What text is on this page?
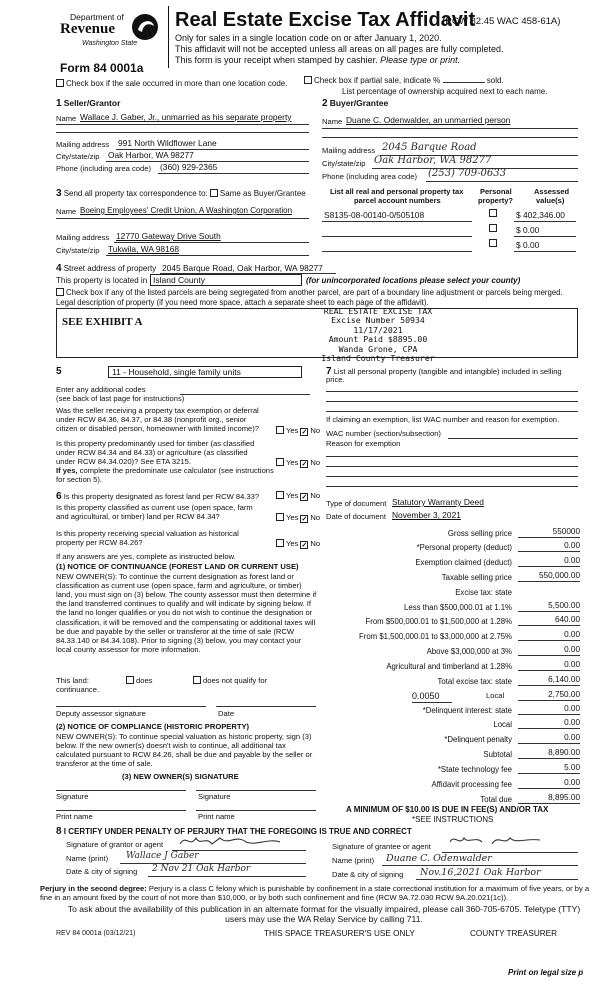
Department of
Revenue
Washington State
Form 84 0001a
Real Estate Excise Tax Affidavit
(RCW 82.45 WAC 458-61A)
Only for sales in a single location code on or after January 1, 2020.
This affidavit will not be accepted unless all areas on all pages are fully completed.
This form is your receipt when stamped by cashier. Please type or print.
Check box if the sale occurred in more than one location code.	Check box if partial sale, indicate %	sold.
List percentage of ownership acquired next to each name.
1 Seller/Grantor
Name Wallace J. Gaber, Jr., unmarried as his separate property
Mailing address 991 North Wildflower Lane
City/state/zip Oak Harbor, WA 98277
Phone (including area code) (360) 929-2365
2 Buyer/Grantee
Name Duane C. Odenwalder, an unmarried person
Mailing address 2045 Barque Road
City/state/zip Oak Harbor, WA 98277
Phone (including area code) (253) 709-0633
3 Send all property tax correspondence to: Same as Buyer/Grantee
Name Boeing Employees' Credit Union, A Washington Corporation
Mailing address 12770 Gateway Drive South
City/state/zip Tukwila, WA 98168
List all real and personal property tax
parcel account numbers
Personal
property?
Assessed
value(s)
S8135-08-00140-0/505108	$ 402,346.00
$ 0.00
$ 0.00
4 Street address of property 2045 Barque Road, Oak Harbor, WA 98277
This property is located in Island County	(for unincorporated locations please select your county)
Check box if any of the listed parcels are being segregated from another parcel, are part of a boundary line adjustment or parcels being merged.
Legal description of property (if you need more space, attach a separate sheet to each page of the affidavit).
SEE EXHIBIT A
REAL ESTATE EXCISE TAX
Excise Number 50934
11/17/2021
Amount Paid $8895.00
Wanda Grone, CPA
Island County Treasurer
5	11 - Household, single family units
Enter any additional codes
(see back of last page for instructions)
Was the seller receiving a property tax exemption or deferral
under RCW 84.36, 84.37, or 84.38 (nonprofit org., senior
citizen or disabled person, homeowner with limited income)?	Yes ✓ No
Is this property predominantly used for timber (as classified
under RCW 84.34 and 84.33) or agriculture (as classified
under RCW 84.34.020)? See ETA 3215.
If yes, complete the predominate use calculator (see instructions
for section 5).
Yes ✓ No
6 Is this property designated as forest land per RCW 84.33?	Yes ✓ No
Is this property classified as current use (open space, farm
and agricultural, or timber) land per RCW 84.34?	Yes ✓ No
Is this property receiving special valuation as historical
property per RCW 84.26?	Yes ✓ No
If any answers are yes, complete as instructed below.
(1) NOTICE OF CONTINUANCE (FOREST LAND OR CURRENT USE)
NEW OWNER(S): To continue the current designation as forest land or classification as current use (open space, farm and agriculture, or timber) land, you must sign on (3) below. The county assessor must then determine if the land transferred continues to qualify and will indicate by signing below. If the land no longer qualifies or you do not wish to continue the designation or classification, it will be removed and the compensating or additional taxes will be due and payable by the seller or transferor at the time of sale (RCW 84.33.140 or 84.34.108). Prior to signing (3) below, you may contact your local county assessor for more information.
This land:	does	does not qualify for
continuance.
Deputy assessor signature	Date
(2) NOTICE OF COMPLIANCE (HISTORIC PROPERTY)
NEW OWNER(S): To continue special valuation as historic property, sign (3) below. If the new owner(s) doesn't wish to continue, all additional tax calculated pursuant to RCW 84.26, shall be due and payable by the seller or transferor at the time of sale.
(3) NEW OWNER(S) SIGNATURE
Signature	Signature
Print name	Print name
7 List all personal property (tangible and intangible) included in selling
price.
If claiming an exemption, list WAC number and reason for exemption.
WAC number (section/subsection)
Reason for exemption
Type of document Statutory Warranty Deed
Date of document November 3, 2021
Gross selling price	550000
*Personal property (deduct)	0.00
Exemption claimed (deduct)	0.00
Taxable selling price	550,000.00
Excise tax: state
Less than $500,000.01 at 1.1%	5,500.00
From $500,000.01 to $1,500,000 at 1.28%	640.00
From $1,500,000.01 to $3,000,000 at 2.75%	0.00
Above $3,000,000 at 3%	0.00
Agricultural and timberland at 1.28%	0.00
Total excise tax: state	6,140.00
0.0050	Local	2,750.00
*Delinquent interest: state	0.00
Local	0.00
*Delinquent penalty	0.00
Subtotal	8,890.00
*State technology fee	5.00
Affidavit processing fee	0.00
Total due	8,895.00
A MINIMUM OF $10.00 IS DUE IN FEE(S) AND/OR TAX
*SEE INSTRUCTIONS
8 I CERTIFY UNDER PENALTY OF PERJURY THAT THE FOREGOING IS TRUE AND CORRECT
Signature of grantor or agent
Name (print) Wallace J Gaber
Date & city of signing 2 Nov 21 Oak Harbor
Signature of grantee or agent
Name (print) Duane C. Odenwalder
Date & city of signing Nov.16,2021 Oak Harbor
Perjury in the second degree: Perjury is a class C felony which is punishable by confinement in a state correctional institution for a maximum of five years, or by a fine in an amount fixed by the court of not more than $10,000, or by both such confinement and fine (RCW 9A.72.030 RCW 9A.20.021(1c)).
To ask about the availability of this publication in an alternate format for the visually impaired, please call 360-705-6705. Teletype (TTY) users may use the WA Relay Service by calling 711.
REV 84 0001a (03/12/21)	THIS SPACE TREASURER'S USE ONLY	COUNTY TREASURER
Print on legal size p
